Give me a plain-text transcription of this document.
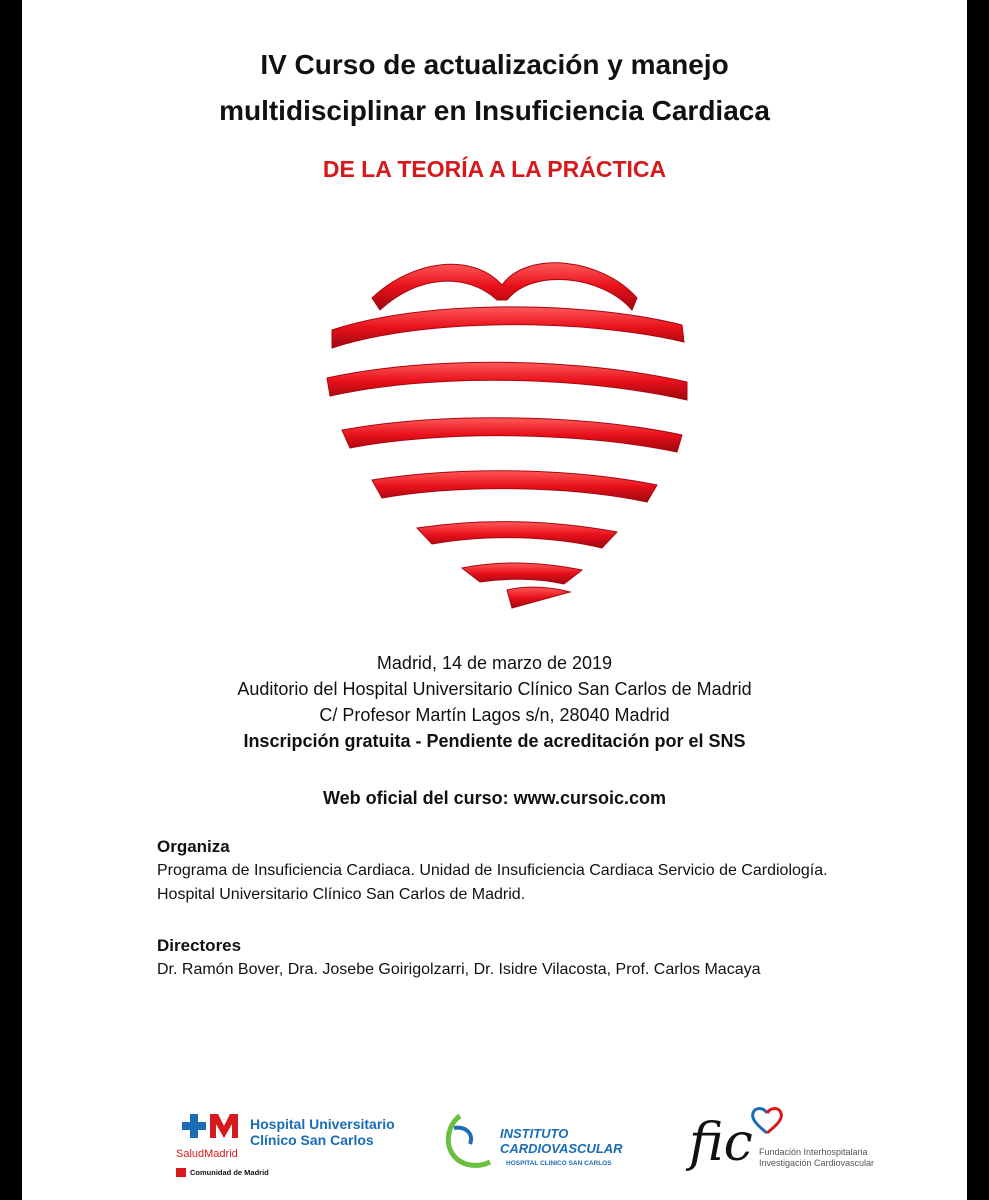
IV Curso de actualización y manejo
multidisciplinar en Insuficiencia Cardiaca
DE LA TEORÍA A LA PRÁCTICA
Madrid, 14 de marzo de 2019
Auditorio del Hospital Universitario Clínico San Carlos de Madrid
C/ Profesor Martín Lagos s/n, 28040 Madrid
Inscripción gratuita - Pendiente de acreditación por el SNS
Web oficial del curso: www.cursoic.com
Organiza
Programa de Insuficiencia Cardiaca. Unidad de Insuficiencia Cardiaca Servicio de Cardiología. Hospital Universitario Clínico San Carlos de Madrid.
Directores
Dr. Ramón Bover, Dra. Josebe Goirigolzarri, Dr. Isidre Vilacosta, Prof. Carlos Macaya
Hospital Universitario
Clínico San Carlos
SaludMadrid
Comunidad de Madrid
INSTITUTO
CARDIOVASCULAR
HOSPITAL CLINICO SAN CARLOS fic Fundación Interhospitalaria
Investigación Cardiovascular
